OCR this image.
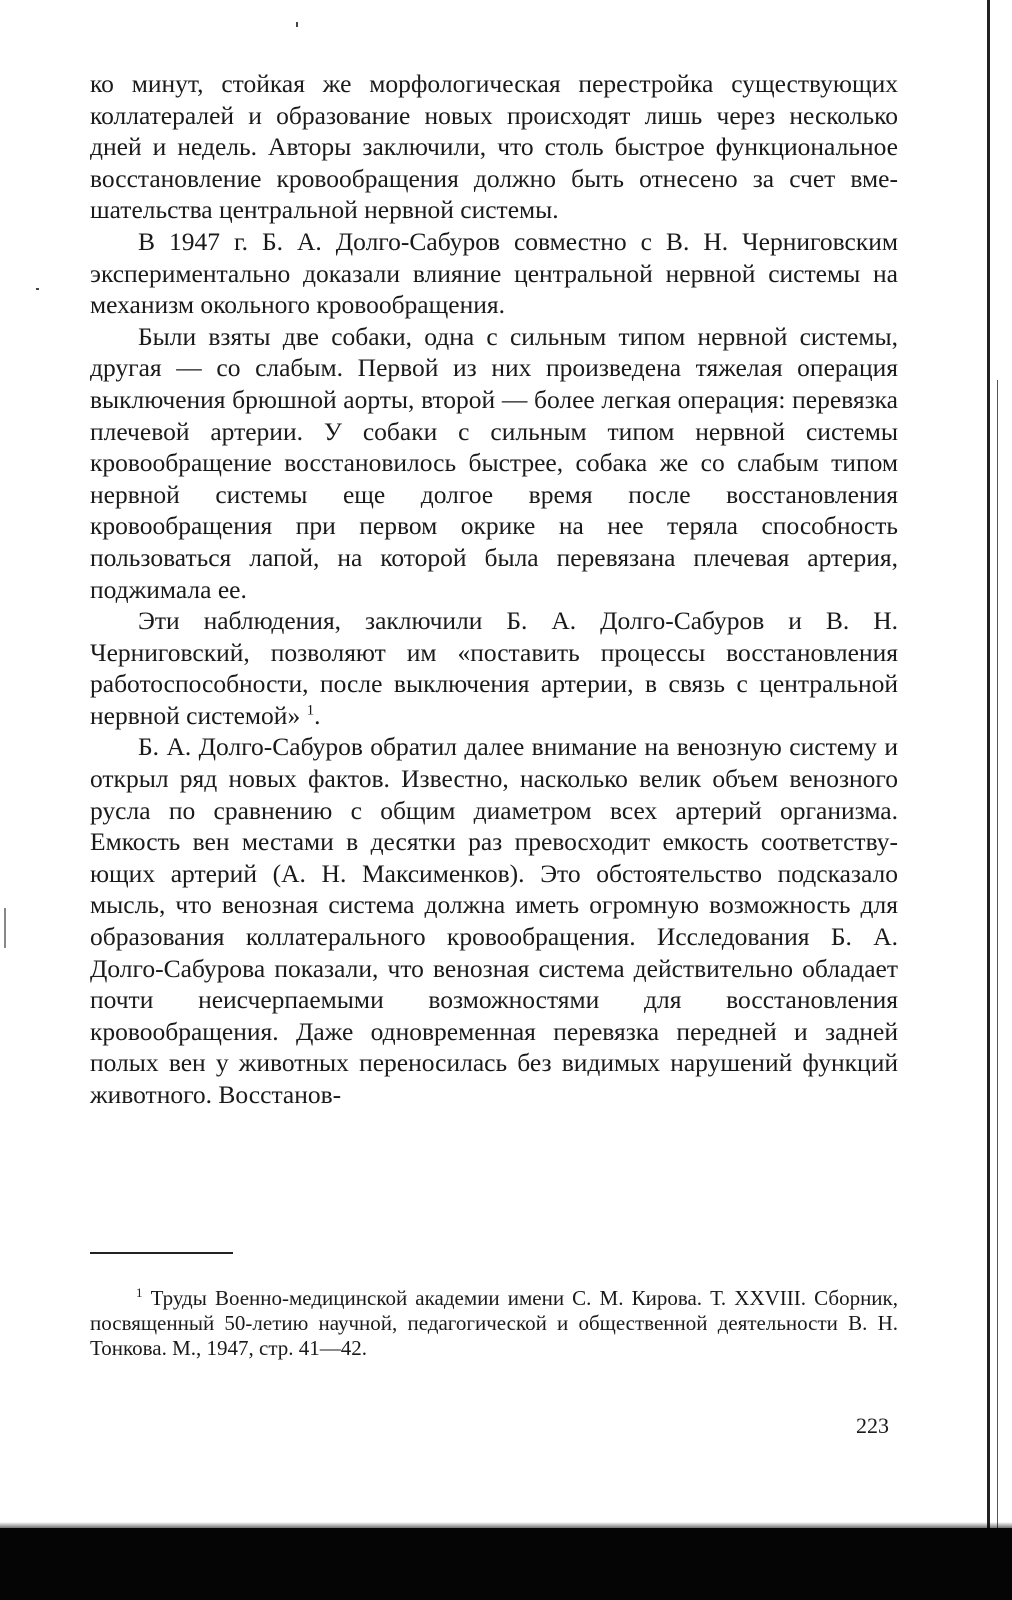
ко минут, стойкая же морфологическая перестройка существующих коллатералей и образование новых происходят лишь через несколько дней и недель. Авторы заключили, что столь быстрое функциональное восстановление кровообращения должно быть отнесено за счет вмешательства центральной нервной системы.

В 1947 г. Б. А. Долго-Сабуров совместно с В. Н. Черниговским экспериментально доказали влияние центральной нервной системы на механизм окольного кровообращения.

Были взяты две собаки, одна с сильным типом нервной системы, другая — со слабым. Первой из них произведена тяжелая операция выключения брюшной аорты, второй — более легкая операция: перевязка плечевой артерии. У собаки с сильным типом нервной системы кровообращение восстановилось быстрее, собака же со слабым типом нервной системы еще долгое время после восстановления кровообращения при первом окрике на нее теряла способность пользоваться лапой, на которой была перевязана плечевая артерия, поджимала ее.

Эти наблюдения, заключили Б. А. Долго-Сабуров и В. Н. Черниговский, позволяют им «поставить процессы восстановления работоспособности, после выключения артерии, в связь с центральной нервной системой» $^1$.

Б. А. Долго-Сабуров обратил далее внимание на венозную систему и открыл ряд новых фактов. Известно, насколько велик объем венозного русла по сравнению с общим диаметром всех артерий организма. Емкость вен местами в десятки раз превосходит емкость соответствующих артерий (А. Н. Максименков). Это обстоятельство подсказало мысль, что венозная система должна иметь огромную возможность для образования коллатерального кровообращения. Исследования Б. А. Долго-Сабурова показали, что венозная система действительно обладает почти неисчерпаемыми возможностями для восстановления кровообращения. Даже одновременная перевязка передней и задней полых вен у животных переносилась без видимых нарушений функций животного. Восстанов-

$^1$ Труды Военно-медицинской академии имени С. М. Кирова. Т. XXVIII. Сборник, посвященный 50-летию научной, педагогической и общественной деятельности В. Н. Тонкова. М., 1947, стр. 41—42.

223
